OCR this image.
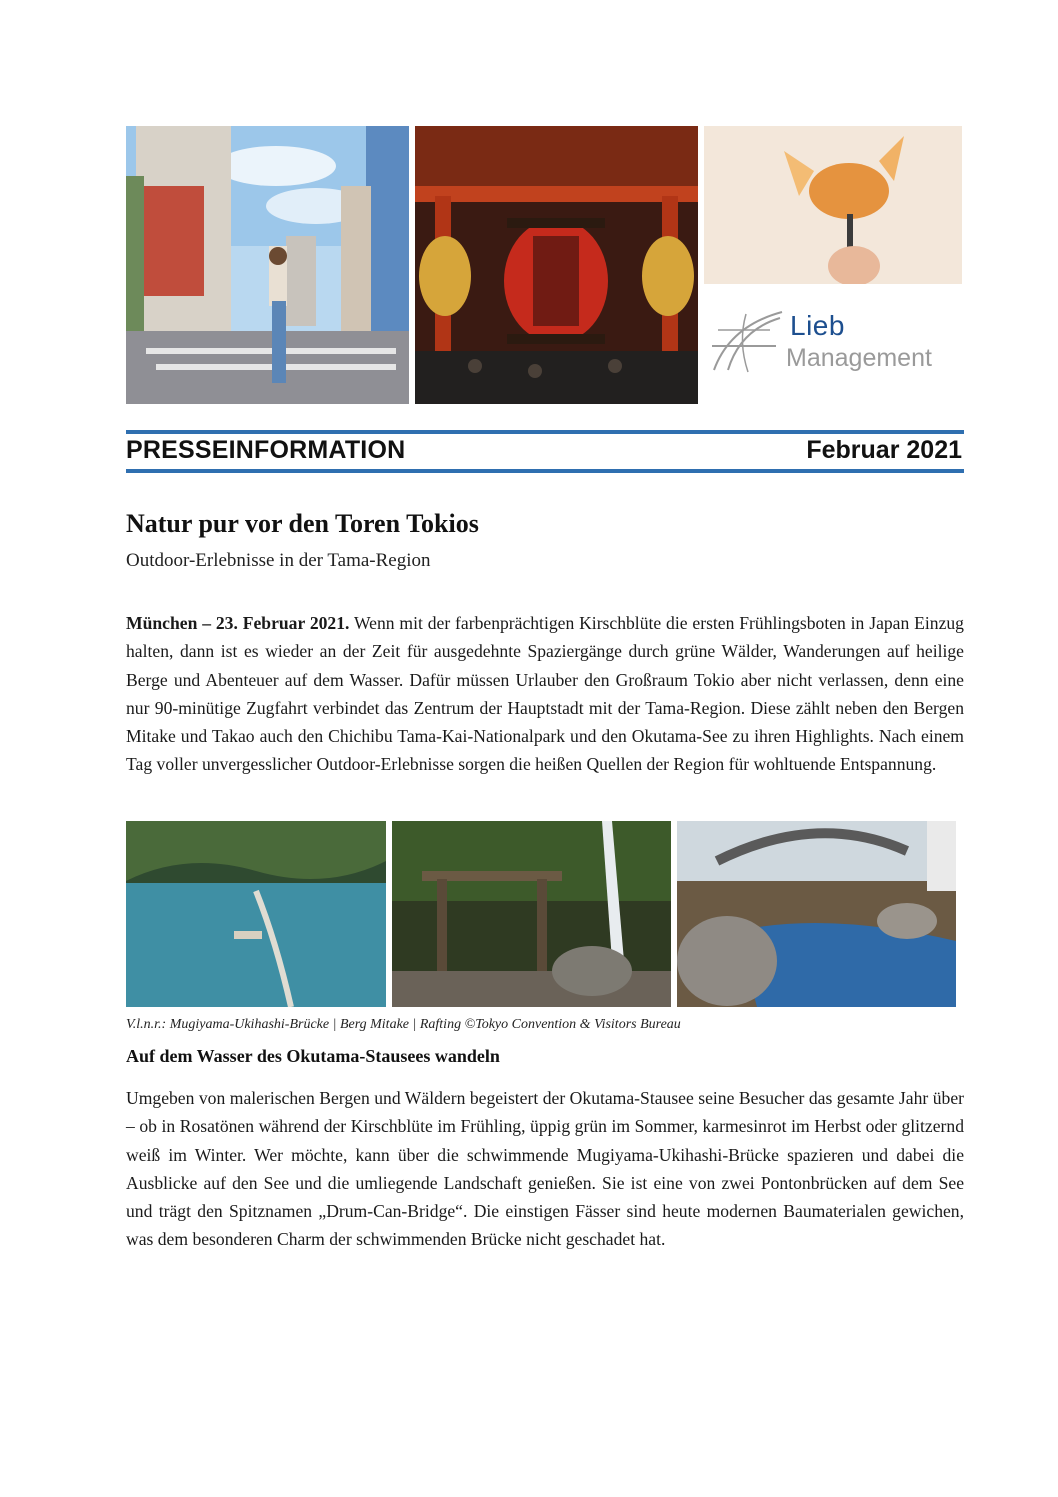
Lieb
Management
PRESSEINFORMATION	Februar 2021
Natur pur vor den Toren Tokios
Outdoor-Erlebnisse in der Tama-Region
München – 23. Februar 2021. Wenn mit der farbenprächtigen Kirschblüte die ersten Frühlingsboten in Japan Einzug halten, dann ist es wieder an der Zeit für ausgedehnte Spaziergänge durch grüne Wälder, Wanderungen auf heilige Berge und Abenteuer auf dem Wasser. Dafür müssen Urlauber den Großraum Tokio aber nicht verlassen, denn eine nur 90-minütige Zugfahrt verbindet das Zentrum der Hauptstadt mit der Tama-Region. Diese zählt neben den Bergen Mitake und Takao auch den Chichibu Tama-Kai-Nationalpark und den Okutama-See zu ihren Highlights. Nach einem Tag voller unvergesslicher Outdoor-Erlebnisse sorgen die heißen Quellen der Region für wohltuende Entspannung.
V.l.n.r.: Mugiyama-Ukihashi-Brücke | Berg Mitake | Rafting ©Tokyo Convention & Visitors Bureau
Auf dem Wasser des Okutama-Stausees wandeln
Umgeben von malerischen Bergen und Wäldern begeistert der Okutama-Stausee seine Besucher das gesamte Jahr über – ob in Rosatönen während der Kirschblüte im Frühling, üppig grün im Sommer, karmesinrot im Herbst oder glitzernd weiß im Winter. Wer möchte, kann über die schwimmende Mugiyama-Ukihashi-Brücke spazieren und dabei die Ausblicke auf den See und die umliegende Landschaft genießen. Sie ist eine von zwei Pontonbrücken auf dem See und trägt den Spitznamen „Drum-Can-Bridge“. Die einstigen Fässer sind heute modernen Baumaterialen gewichen, was dem besonderen Charm der schwimmenden Brücke nicht geschadet hat.
